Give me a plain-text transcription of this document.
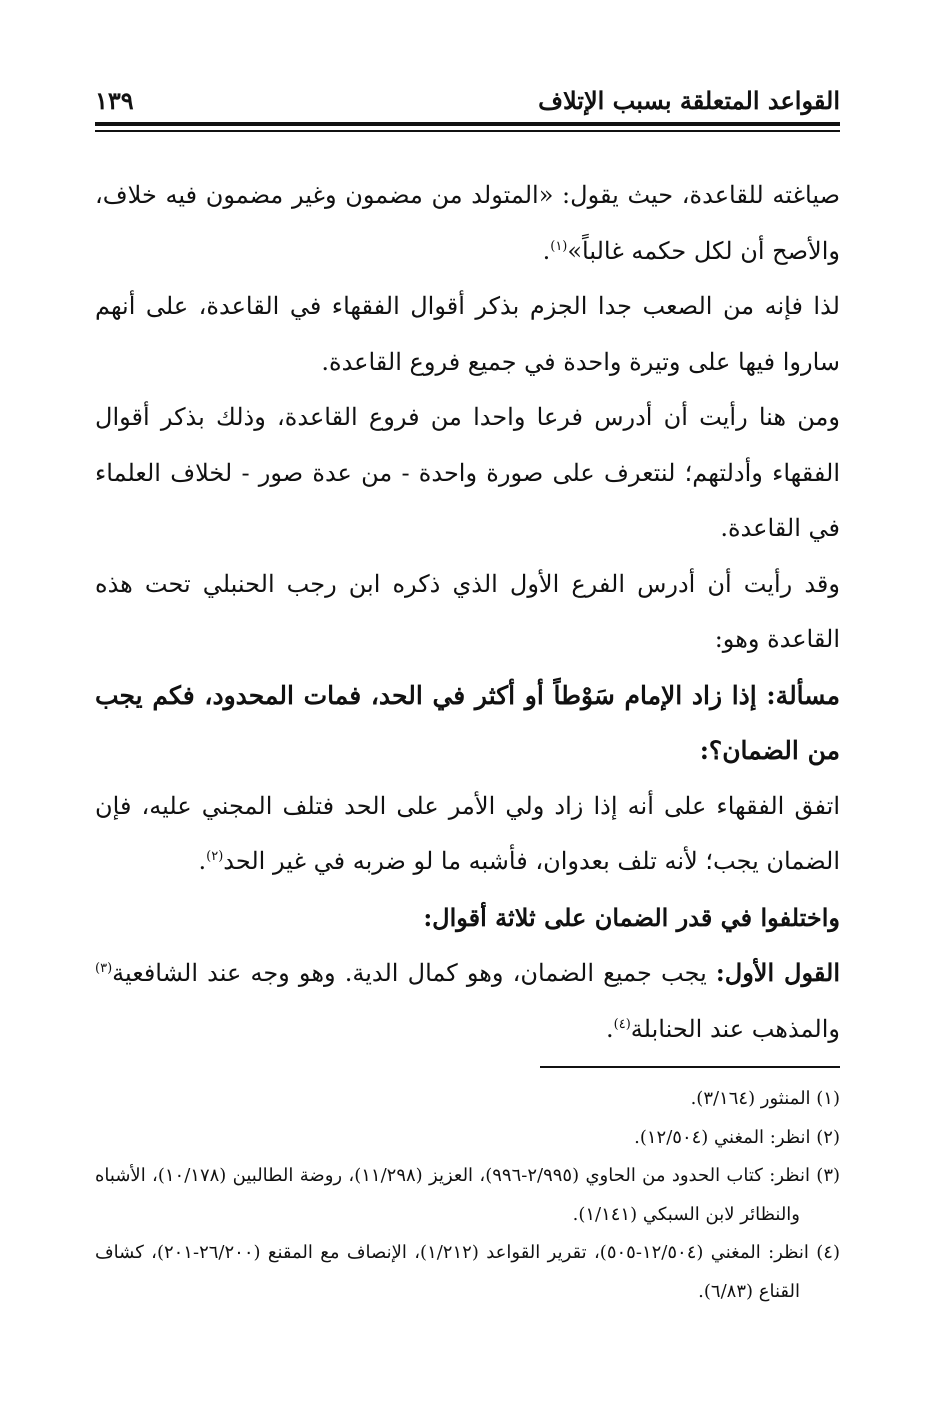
القواعد المتعلقة بسبب الإتلاف
١٣٩

صياغته للقاعدة، حيث يقول: «المتولد من مضمون وغير مضمون فيه خلاف، والأصح أن لكل حكمه غالباً»$^{(١)}$.

لذا فإنه من الصعب جدا الجزم بذكر أقوال الفقهاء في القاعدة، على أنهم ساروا فيها على وتيرة واحدة في جميع فروع القاعدة.

ومن هنا رأيت أن أدرس فرعا واحدا من فروع القاعدة، وذلك بذكر أقوال الفقهاء وأدلتهم؛ لنتعرف على صورة واحدة - من عدة صور - لخلاف العلماء في القاعدة.

وقد رأيت أن أدرس الفرع الأول الذي ذكره ابن رجب الحنبلي تحت هذه القاعدة وهو:

مسألة: إذا زاد الإمام سَوْطاً أو أكثر في الحد، فمات المحدود، فكم يجب من الضمان؟:

اتفق الفقهاء على أنه إذا زاد ولي الأمر على الحد فتلف المجني عليه، فإن الضمان يجب؛ لأنه تلف بعدوان، فأشبه ما لو ضربه في غير الحد$^{(٢)}$.

واختلفوا في قدر الضمان على ثلاثة أقوال:

القول الأول: يجب جميع الضمان، وهو كمال الدية. وهو وجه عند الشافعية$^{(٣)}$ والمذهب عند الحنابلة$^{(٤)}$.

(١) المنثور (٣/١٦٤).

(٢) انظر: المغني (١٢/٥٠٤).

(٣) انظر: كتاب الحدود من الحاوي (٢/٩٩٥-٩٩٦)، العزيز (١١/٢٩٨)، روضة الطالبين (١٠/١٧٨)، الأشباه والنظائر لابن السبكي (١/١٤١).

(٤) انظر: المغني (١٢/٥٠٤-٥٠٥)، تقرير القواعد (١/٢١٢)، الإنصاف مع المقنع (٢٦/٢٠٠-٢٠١)، كشاف القناع (٦/٨٣).
